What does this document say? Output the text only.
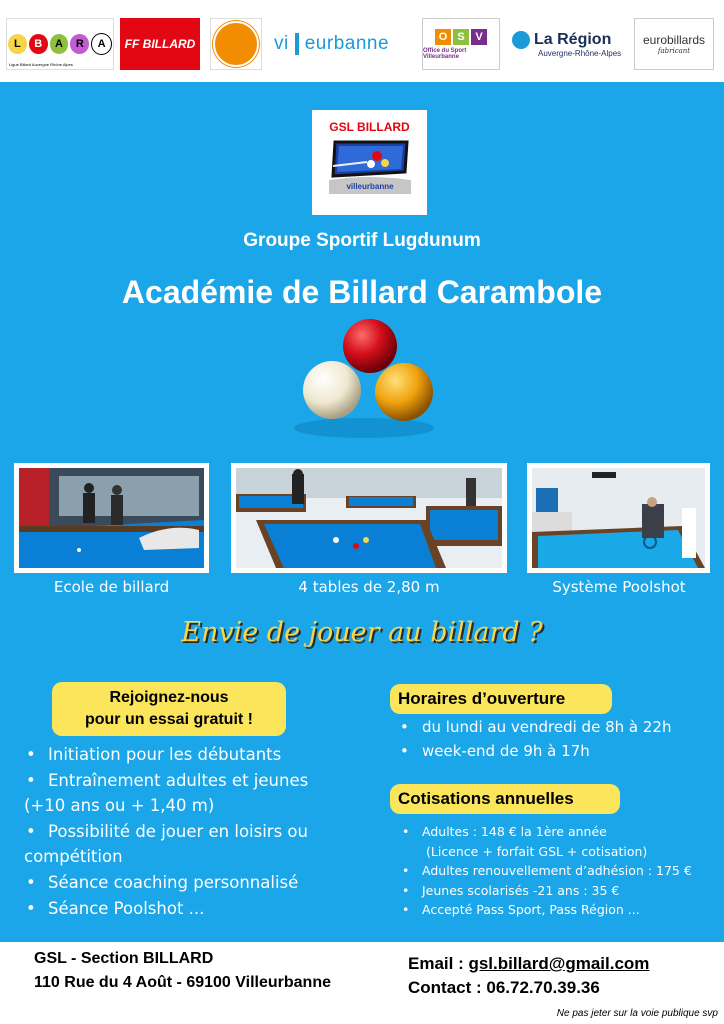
L	B	A	R	A
Ligue Billard Auvergne Rhône Alpes
FF BILLARD	vi eurbanne	O S V
Office du Sport Villeurbanne
La Région
Auvergne-Rhône-Alpes
eurobillards
fabricant
GSL BILLARD
villeurbanne
Groupe Sportif Lugdunum
Académie de Billard Carambole
Ecole de billard	4 tables de 2,80 m	Système Poolshot
Envie de jouer au billard ?
Rejoignez-nous
pour un essai gratuit !
• Initiation pour les débutants
• Entraînement adultes et jeunes
(+10 ans ou + 1,40 m)
• Possibilité de jouer en loisirs ou
compétition
• Séance coaching personnalisé
• Séance Poolshot ...
Horaires d’ouverture
• du lundi au vendredi de 8h à 22h
• week-end de 9h à 17h
Cotisations annuelles
• Adultes : 148 € la 1ère année
(Licence + forfait GSL + cotisation)
• Adultes renouvellement d’adhésion : 175 €
• Jeunes scolarisés -21 ans : 35 €
• Accepté Pass Sport, Pass Région ...
GSL - Section BILLARD
110 Rue du 4 Août - 69100 Villeurbanne
Email : gsl.billard@gmail.com
Contact : 06.72.70.39.36
Ne pas jeter sur la voie publique svp
